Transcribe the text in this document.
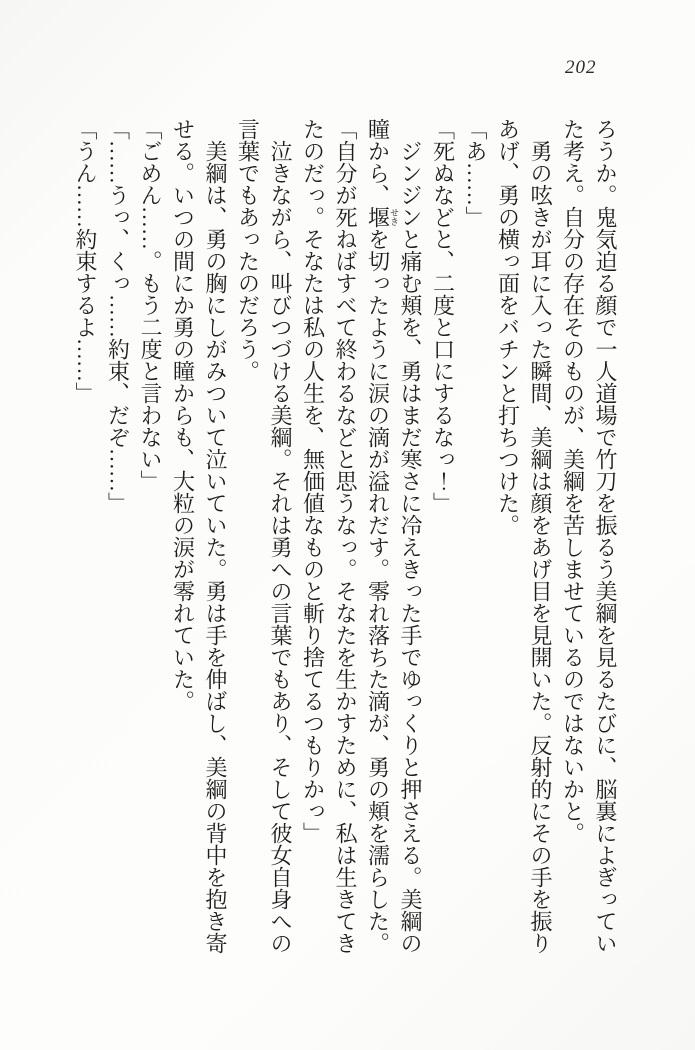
202

ろうか。鬼気迫る顔で一人道場で竹刀を振るう美綱を見るたびに、脳裏によぎっていた考え。自分の存在そのものが、美綱を苦しませているのではないかと。

勇の呟きが耳に入った瞬間、美綱は顔をあげ目を見開いた。反射的にその手を振りあげ、勇の横っ面をバチンと打ちつけた。

「あ……」

「死ぬなどと、二度と口にするなっ！」

ジンジンと痛む頬を、勇はまだ寒さに冷えきった手でゆっくりと押さえる。美綱の瞳から、堰せきを切ったように涙の滴が溢れだす。零れ落ちた滴が、勇の頬を濡らした。

「自分が死ねばすべて終わるなどと思うなっ。そなたを生かすために、私は生きてきたのだっ。そなたは私の人生を、無価値なものと斬り捨てるつもりかっ」

泣きながら、叫びつづける美綱。それは勇への言葉でもあり、そして彼女自身への言葉でもあったのだろう。

美綱は、勇の胸にしがみついて泣いていた。勇は手を伸ばし、美綱の背中を抱き寄せる。いつの間にか勇の瞳からも、大粒の涙が零れていた。

「ごめん……。もう二度と言わない」

「……うっ、くっ……約束、だぞ……」

「うん……約束するよ……」
